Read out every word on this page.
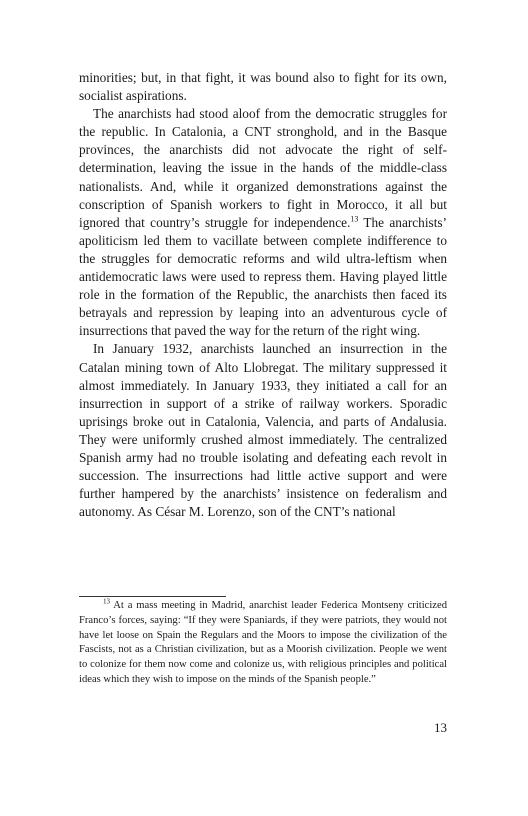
minorities; but, in that fight, it was bound also to fight for its own, socialist aspirations.

The anarchists had stood aloof from the democratic struggles for the republic. In Catalonia, a CNT stronghold, and in the Basque provinces, the anarchists did not advocate the right of self-determination, leaving the issue in the hands of the middle-class nationalists. And, while it organized demonstrations against the conscription of Spanish workers to fight in Morocco, it all but ignored that country’s struggle for independence.$^{13}$ The anarchists’ apoliticism led them to vacillate between complete indifference to the struggles for democratic reforms and wild ultra-leftism when antidemocratic laws were used to repress them. Having played little role in the formation of the Republic, the anarchists then faced its betrayals and repression by leaping into an adventurous cycle of insurrections that paved the way for the return of the right wing.

In January 1932, anarchists launched an insurrection in the Catalan mining town of Alto Llobregat. The military suppressed it almost immediately. In January 1933, they initiated a call for an insurrection in support of a strike of railway workers. Sporadic uprisings broke out in Catalonia, Valencia, and parts of Andalusia. They were uniformly crushed almost immediately. The centralized Spanish army had no trouble isolating and defeating each revolt in succession. The insurrections had little active support and were further hampered by the anarchists’ insistence on federalism and autonomy. As César M. Lorenzo, son of the CNT’s national

$^{13}$ At a mass meeting in Madrid, anarchist leader Federica Montseny criticized Franco’s forces, saying: “If they were Spaniards, if they were patriots, they would not have let loose on Spain the Regulars and the Moors to impose the civilization of the Fascists, not as a Christian civilization, but as a Moorish civilization. People we went to colonize for them now come and colonize us, with religious principles and political ideas which they wish to impose on the minds of the Spanish people.”

13
